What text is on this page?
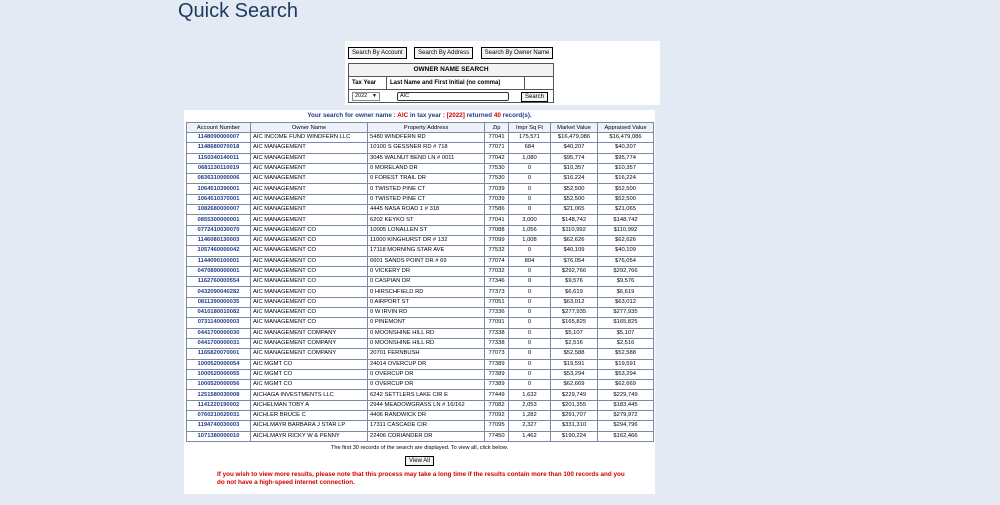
Quick Search
Search By Account	Search By Address	Search By Owner Name
OWNER NAME SEARCH
Tax Year	Last Name and First Initial (no comma)
2022 ▼	AIC	Search
Your search for owner name : AIC in tax year : [2022] returned 40 record(s).
Account Number	Owner Name	Property Address	Zip	Impr Sq Ft	Market Value	Appraised Value
1148090000007	AIC INCOME FUND WINDFERN LLC	5480 WINDFERN RD	77041	175,571	$16,479,086	$16,479,086
1148680070018	AIC MANAGEMENT	10100 S GESSNER RD # 718	77071	684	$40,207	$40,207
1150340140011	AIC MANAGEMENT	3045 WALNUT BEND LN # 0011	77042	1,080	$95,774	$95,774
0681130110019	AIC MANAGEMENT	0 MORELAND DR	77530	0	$10,357	$10,357
0836310000006	AIC MANAGEMENT	0 FOREST TRAIL DR	77530	0	$16,224	$16,224
1064510390001	AIC MANAGEMENT	0 TWISTED PINE CT	77039	0	$52,500	$52,500
1064510370001	AIC MANAGEMENT	0 TWISTED PINE CT	77039	0	$52,500	$52,500
1082680000007	AIC MANAGEMENT	4445 NASA ROAD 1 # 318	77586	0	$21,065	$21,065
0855300000001	AIC MANAGEMENT	6202 KEYKO ST	77041	3,000	$148,742	$148,742
0772410030070	AIC MANAGEMENT CO	10005 LONALLEN ST	77088	1,056	$110,992	$110,992
1146080130003	AIC MANAGEMENT CO	11000 KINGHURST DR # 132	77099	1,008	$62,626	$62,626
1057460000042	AIC MANAGEMENT CO	17118 MORNING STAR AVE	77532	0	$40,109	$40,109
1144090100001	AIC MANAGEMENT CO	6601 SANDS POINT DR # 69	77074	804	$76,054	$76,054
0470890000001	AIC MANAGEMENT CO	0 VICKERY DR	77032	0	$292,766	$292,766
1162760000554	AIC MANAGEMENT CO	0 CASPIAN DR	77346	0	$9,576	$9,576
0432090040282	AIC MANAGEMENT CO	0 HIRSCHFIELD RD	77373	0	$6,619	$6,619
0811390000035	AIC MANAGEMENT CO	0 AIRPORT ST	77051	0	$63,012	$63,012
0410180010082	AIC MANAGEMENT CO	0 W IRVIN RD	77336	0	$277,935	$277,935
0731140000003	AIC MANAGEMENT CO	0 PINEMONT	77091	0	$165,825	$165,825
0441700000030	AIC MANAGEMENT COMPANY	0 MOONSHINE HILL RD	77338	0	$5,107	$5,107
0441700000031	AIC MANAGEMENT COMPANY	0 MOONSHINE HILL RD	77338	0	$2,516	$2,516
1165820070001	AIC MANAGEMENT COMPANY	20701 FERNBUSH	77073	0	$52,588	$52,588
1000520000054	AIC MGMT CO	24014 OVERCUP DR	77389	0	$19,591	$19,591
1000520000055	AIC MGMT CO	0 OVERCUP DR	77389	0	$53,294	$53,294
1000520000056	AIC MGMT CO	0 OVERCUP DR	77389	0	$62,669	$62,669
1251580030008	AICHAGA INVESTMENTS LLC	6242 SETTLERS LAKE CIR E	77449	1,632	$229,749	$229,749
1141220190002	AICHELMAN TOBY A	2944 MEADOWGRASS LN # 16/162	77082	2,053	$201,355	$183,445
0760210020031	AICHLER BRUCE C	4406 RANDWICK DR	77092	1,282	$291,707	$279,972
1194740030003	AICHLMAYR BARBARA J STAR LP	17311 CASCADE CIR	77095	2,327	$331,310	$294,796
1071380000010	AICHLMAYR RICKY W & PENNY	22406 CORIANDER DR	77450	1,462	$190,224	$162,466
The first 30 records of the search are displayed. To view all, click below.
View All
If you wish to view more results, please note that this process may take a long time if the results contain more than 100 records and you do not have a high-speed internet connection.
